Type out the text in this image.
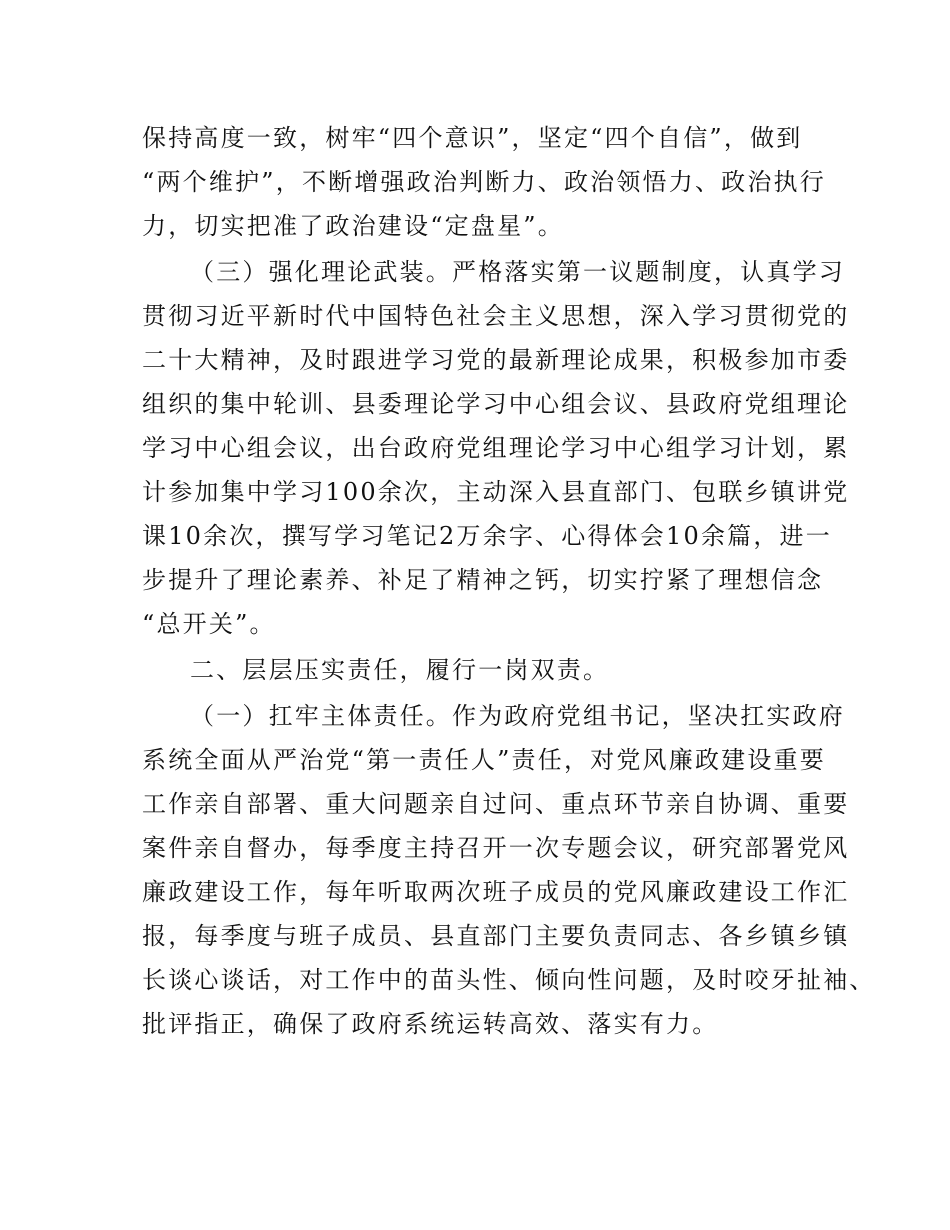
保持高度一致，树牢“四个意识”，坚定“四个自信”，做到
“两个维护”，不断增强政治判断力、政治领悟力、政治执行
力，切实把准了政治建设“定盘星”。
（三）强化理论武装。严格落实第一议题制度，认真学习
贯彻习近平新时代中国特色社会主义思想，深入学习贯彻党的
二十大精神，及时跟进学习党的最新理论成果，积极参加市委
组织的集中轮训、县委理论学习中心组会议、县政府党组理论
学习中心组会议，出台政府党组理论学习中心组学习计划，累
计参加集中学习100余次，主动深入县直部门、包联乡镇讲党
课10余次，撰写学习笔记2万余字、心得体会10余篇，进一
步提升了理论素养、补足了精神之钙，切实拧紧了理想信念
“总开关”。
二、层层压实责任，履行一岗双责。
（一）扛牢主体责任。作为政府党组书记，坚决扛实政府
系统全面从严治党“第一责任人”责任，对党风廉政建设重要
工作亲自部署、重大问题亲自过问、重点环节亲自协调、重要
案件亲自督办，每季度主持召开一次专题会议，研究部署党风
廉政建设工作，每年听取两次班子成员的党风廉政建设工作汇
报，每季度与班子成员、县直部门主要负责同志、各乡镇乡镇
长谈心谈话，对工作中的苗头性、倾向性问题，及时咬牙扯袖、
批评指正，确保了政府系统运转高效、落实有力。
